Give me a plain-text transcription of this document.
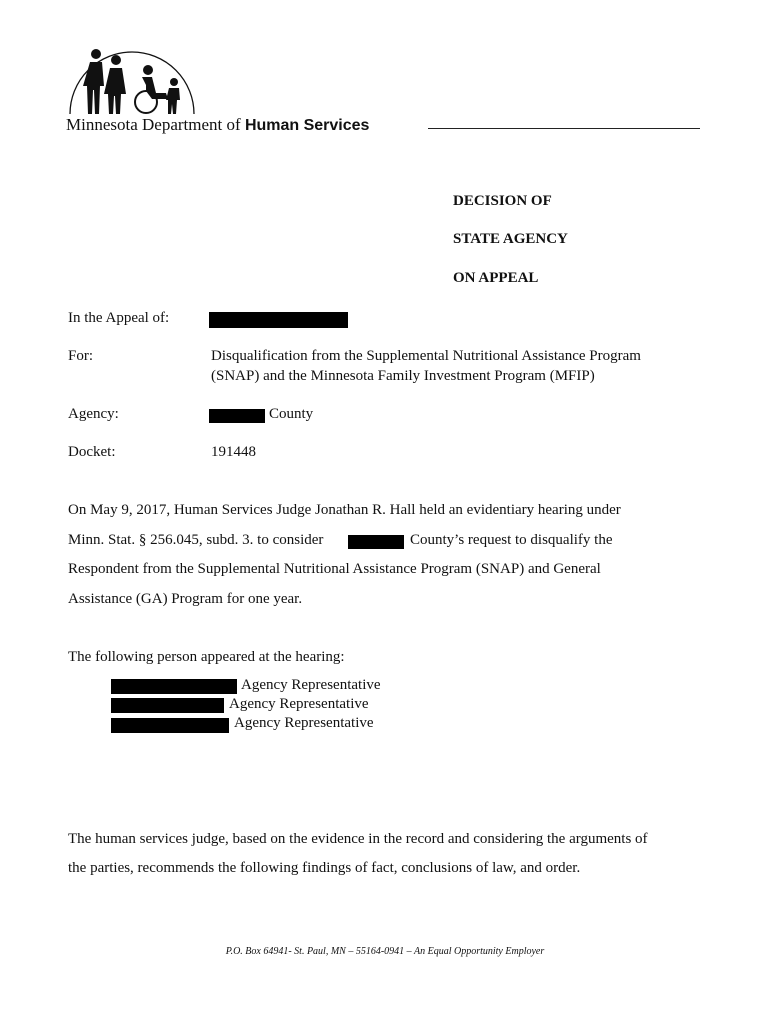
Minnesota Department of Human Services
DECISION OF
STATE AGENCY
ON APPEAL
In the Appeal of:
For:	Disqualification from the Supplemental Nutritional Assistance Program
(SNAP) and the Minnesota Family Investment Program (MFIP)
Agency:	County
Docket:	191448
On May 9, 2017, Human Services Judge Jonathan R. Hall held an evidentiary hearing under
Minn. Stat. § 256.045, subd. 3. to consider	County’s request to disqualify the
Respondent from the Supplemental Nutritional Assistance Program (SNAP) and General
Assistance (GA) Program for one year.
The following person appeared at the hearing:
Agency Representative
Agency Representative
Agency Representative
The human services judge, based on the evidence in the record and considering the arguments of
the parties, recommends the following findings of fact, conclusions of law, and order.
P.O. Box 64941- St. Paul, MN – 55164-0941 – An Equal Opportunity Employer
